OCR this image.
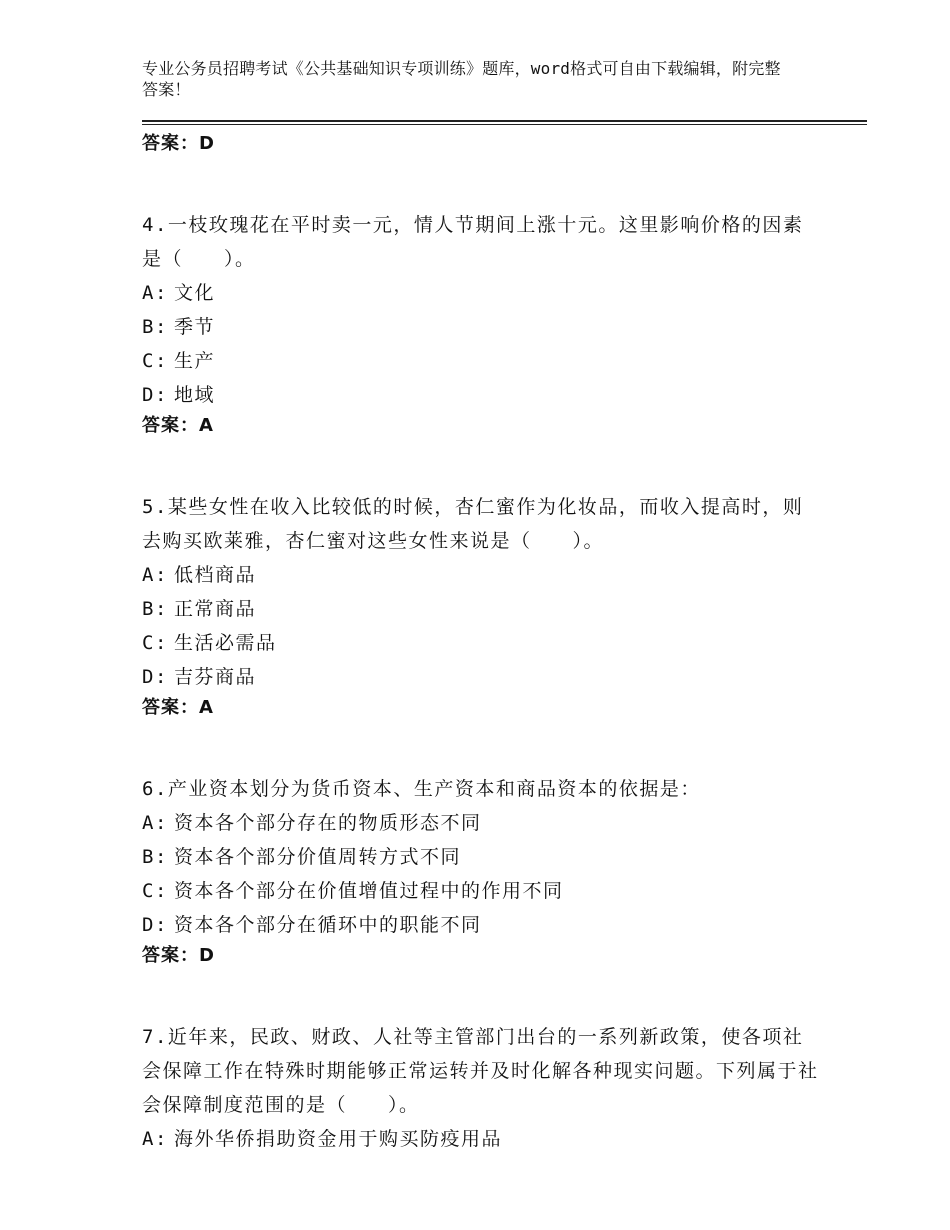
专业公务员招聘考试《公共基础知识专项训练》题库，word格式可自由下载编辑，附完整答案！
答案：D
4.一枝玫瑰花在平时卖一元，情人节期间上涨十元。这里影响价格的因素是（　　）。
A: 文化
B: 季节
C: 生产
D: 地域
答案：A
5.某些女性在收入比较低的时候，杏仁蜜作为化妆品，而收入提高时，则去购买欧莱雅，杏仁蜜对这些女性来说是（　　）。
A: 低档商品
B: 正常商品
C: 生活必需品
D: 吉芬商品
答案：A
6.产业资本划分为货币资本、生产资本和商品资本的依据是：
A: 资本各个部分存在的物质形态不同
B: 资本各个部分价值周转方式不同
C: 资本各个部分在价值增值过程中的作用不同
D: 资本各个部分在循环中的职能不同
答案：D
7.近年来，民政、财政、人社等主管部门出台的一系列新政策，使各项社会保障工作在特殊时期能够正常运转并及时化解各种现实问题。下列属于社会保障制度范围的是（　　）。
A: 海外华侨捐助资金用于购买防疫用品
